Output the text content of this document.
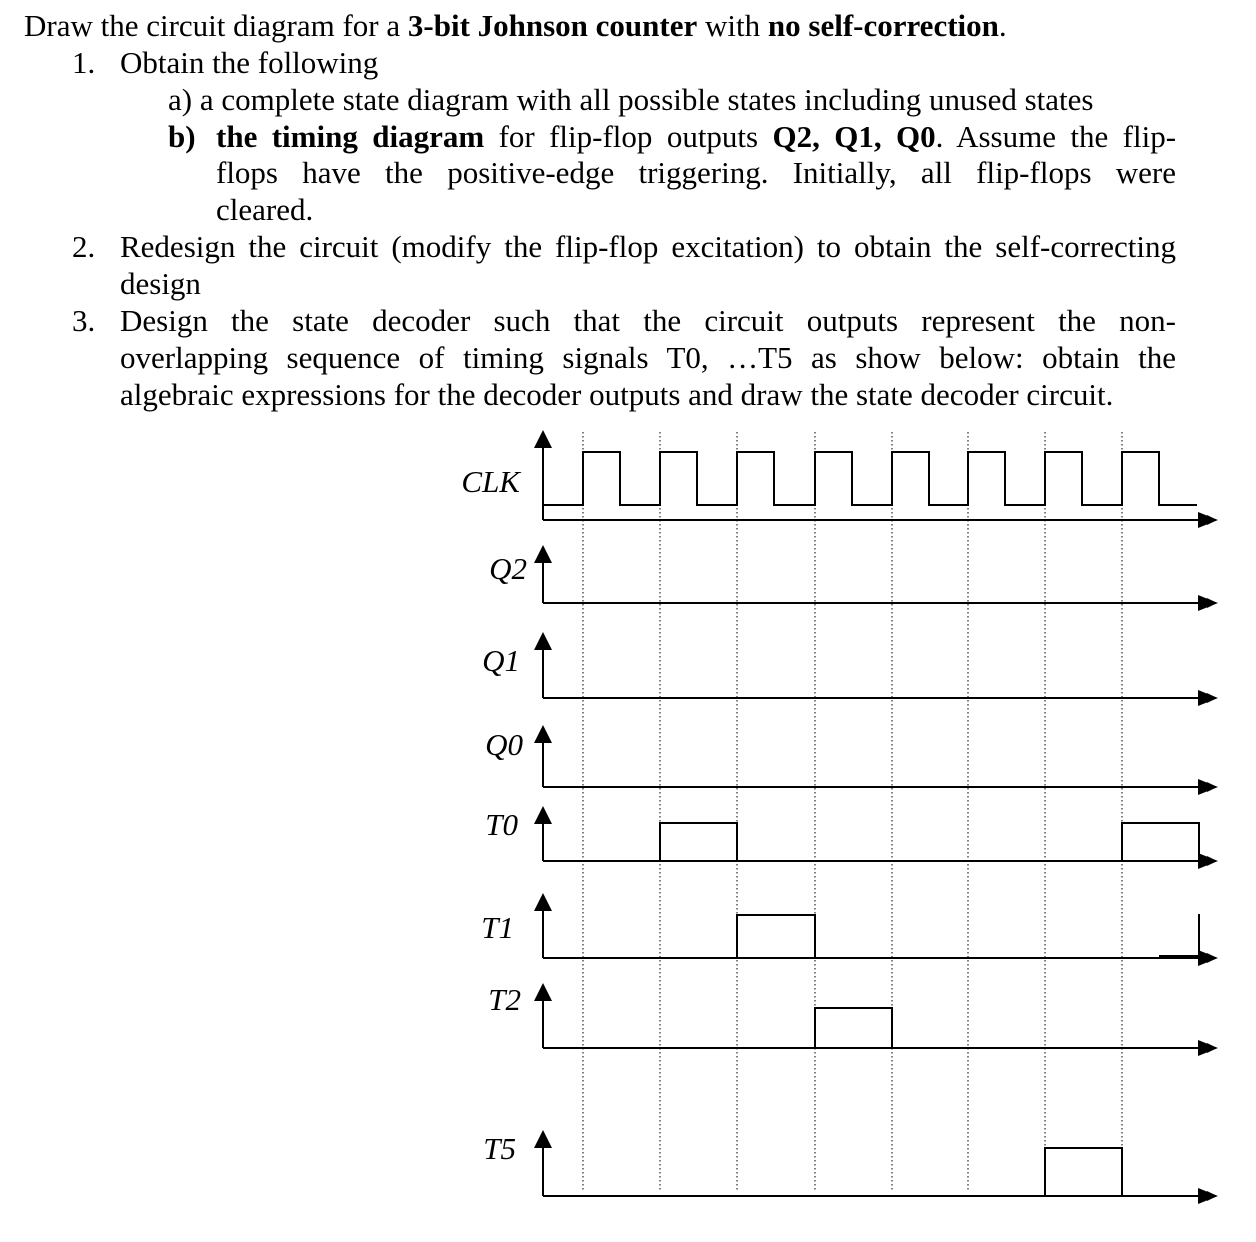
Draw the circuit diagram for a 3-bit Johnson counter with no self-correction.
1. Obtain the following
a) a complete state diagram with all possible states including unused states
b) the timing diagram for flip-flop outputs Q2, Q1, Q0. Assume the flip-
flops have the positive-edge triggering. Initially, all flip-flops were
cleared.
2. Redesign the circuit (modify the flip-flop excitation) to obtain the self-correcting
design
3. Design the state decoder such that the circuit outputs represent the non-
overlapping sequence of timing signals T0, …T5 as show below: obtain the
algebraic expressions for the decoder outputs and draw the state decoder circuit.
CLK
Q2
Q1
Q0
T0
T1
T2
T5
